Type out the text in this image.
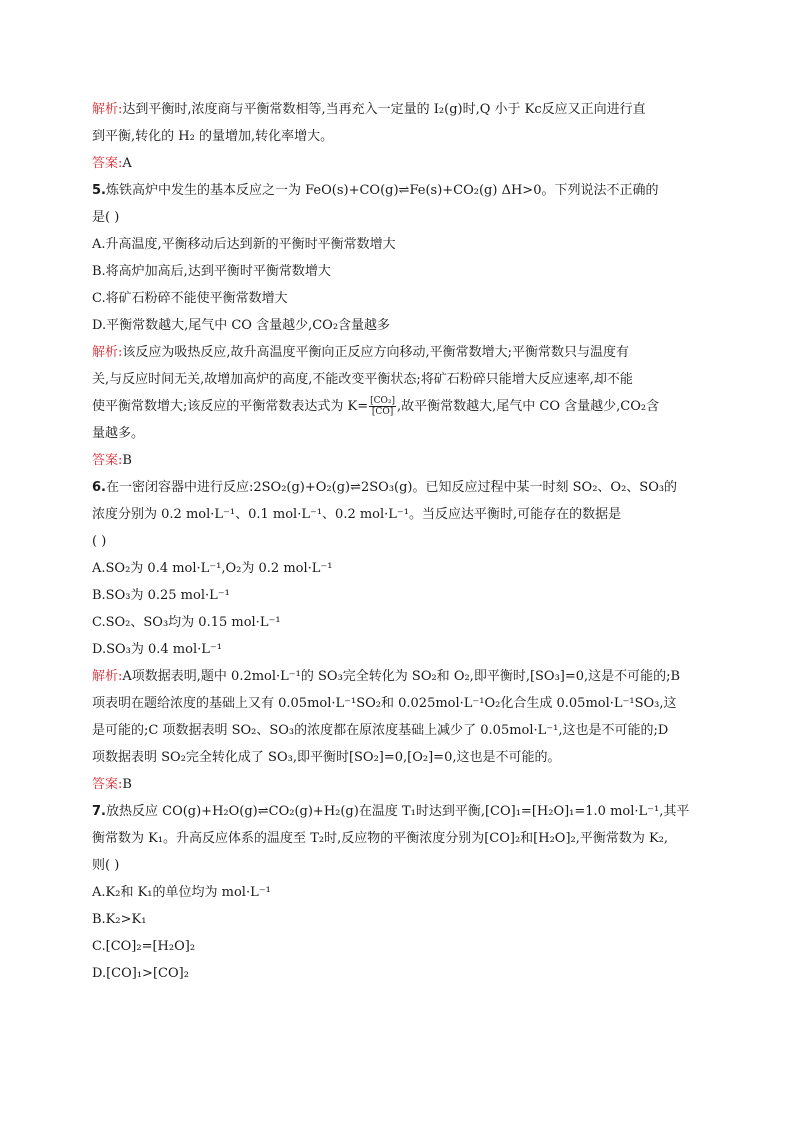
解析:达到平衡时,浓度商与平衡常数相等,当再充入一定量的 I₂(g)时,Q 小于 Kc反应又正向进行直
到平衡,转化的 H₂ 的量增加,转化率增大。
答案:A
5.炼铁高炉中发生的基本反应之一为 FeO(s)+CO(g)⇌Fe(s)+CO₂(g) ΔH>0。下列说法不正确的
是( )
A.升高温度,平衡移动后达到新的平衡时平衡常数增大
B.将高炉加高后,达到平衡时平衡常数增大
C.将矿石粉碎不能使平衡常数增大
D.平衡常数越大,尾气中 CO 含量越少,CO₂含量越多
解析:该反应为吸热反应,故升高温度平衡向正反应方向移动,平衡常数增大;平衡常数只与温度有
关,与反应时间无关,故增加高炉的高度,不能改变平衡状态;将矿石粉碎只能增大反应速率,却不能
使平衡常数增大;该反应的平衡常数表达式为 $K= \frac{\text{[CO₂]}}{[CO]}$ ,故平衡常数越大,尾气中 CO 含量越少,CO₂含
量越多。
答案:B
6.在一密闭容器中进行反应:2SO₂(g)+O₂(g)⇌2SO₃(g)。已知反应过程中某一时刻 SO₂、O₂、SO₃的
浓度分别为 0.2 mol·L⁻¹、0.1 mol·L⁻¹、0.2 mol·L⁻¹。当反应达平衡时,可能存在的数据是
( )
A.SO₂为 0.4 mol·L⁻¹,O₂为 0.2 mol·L⁻¹
B.SO₃为 0.25 mol·L⁻¹
C.SO₂、SO₃均为 0.15 mol·L⁻¹
D.SO₃为 0.4 mol·L⁻¹
解析:A项数据表明,题中 0.2mol·L⁻¹的 SO₃完全转化为 SO₂和 O₂,即平衡时,[SO₃]=0,这是不可能的;B
项表明在题给浓度的基础上又有 0.05mol·L⁻¹SO₂和 0.025mol·L⁻¹O₂化合生成 0.05mol·L⁻¹SO₃,这
是可能的;C 项数据表明 SO₂、SO₃的浓度都在原浓度基础上减少了 0.05mol·L⁻¹,这也是不可能的;D
项数据表明 SO₂完全转化成了 SO₃,即平衡时[SO₂]=0,[O₂]=0,这也是不可能的。
答案:B
7.放热反应 CO(g)+H₂O(g)⇌CO₂(g)+H₂(g)在温度 T₁时达到平衡,[CO]₁=[H₂O]₁=1.0 mol·L⁻¹,其平
衡常数为 K₁。升高反应体系的温度至 T₂时,反应物的平衡浓度分别为[CO]₂和[H₂O]₂,平衡常数为 K₂,
则( )
A.K₂和 K₁的单位均为 mol·L⁻¹
B.K₂>K₁
C.[CO]₂=[H₂O]₂
D.[CO]₁>[CO]₂
